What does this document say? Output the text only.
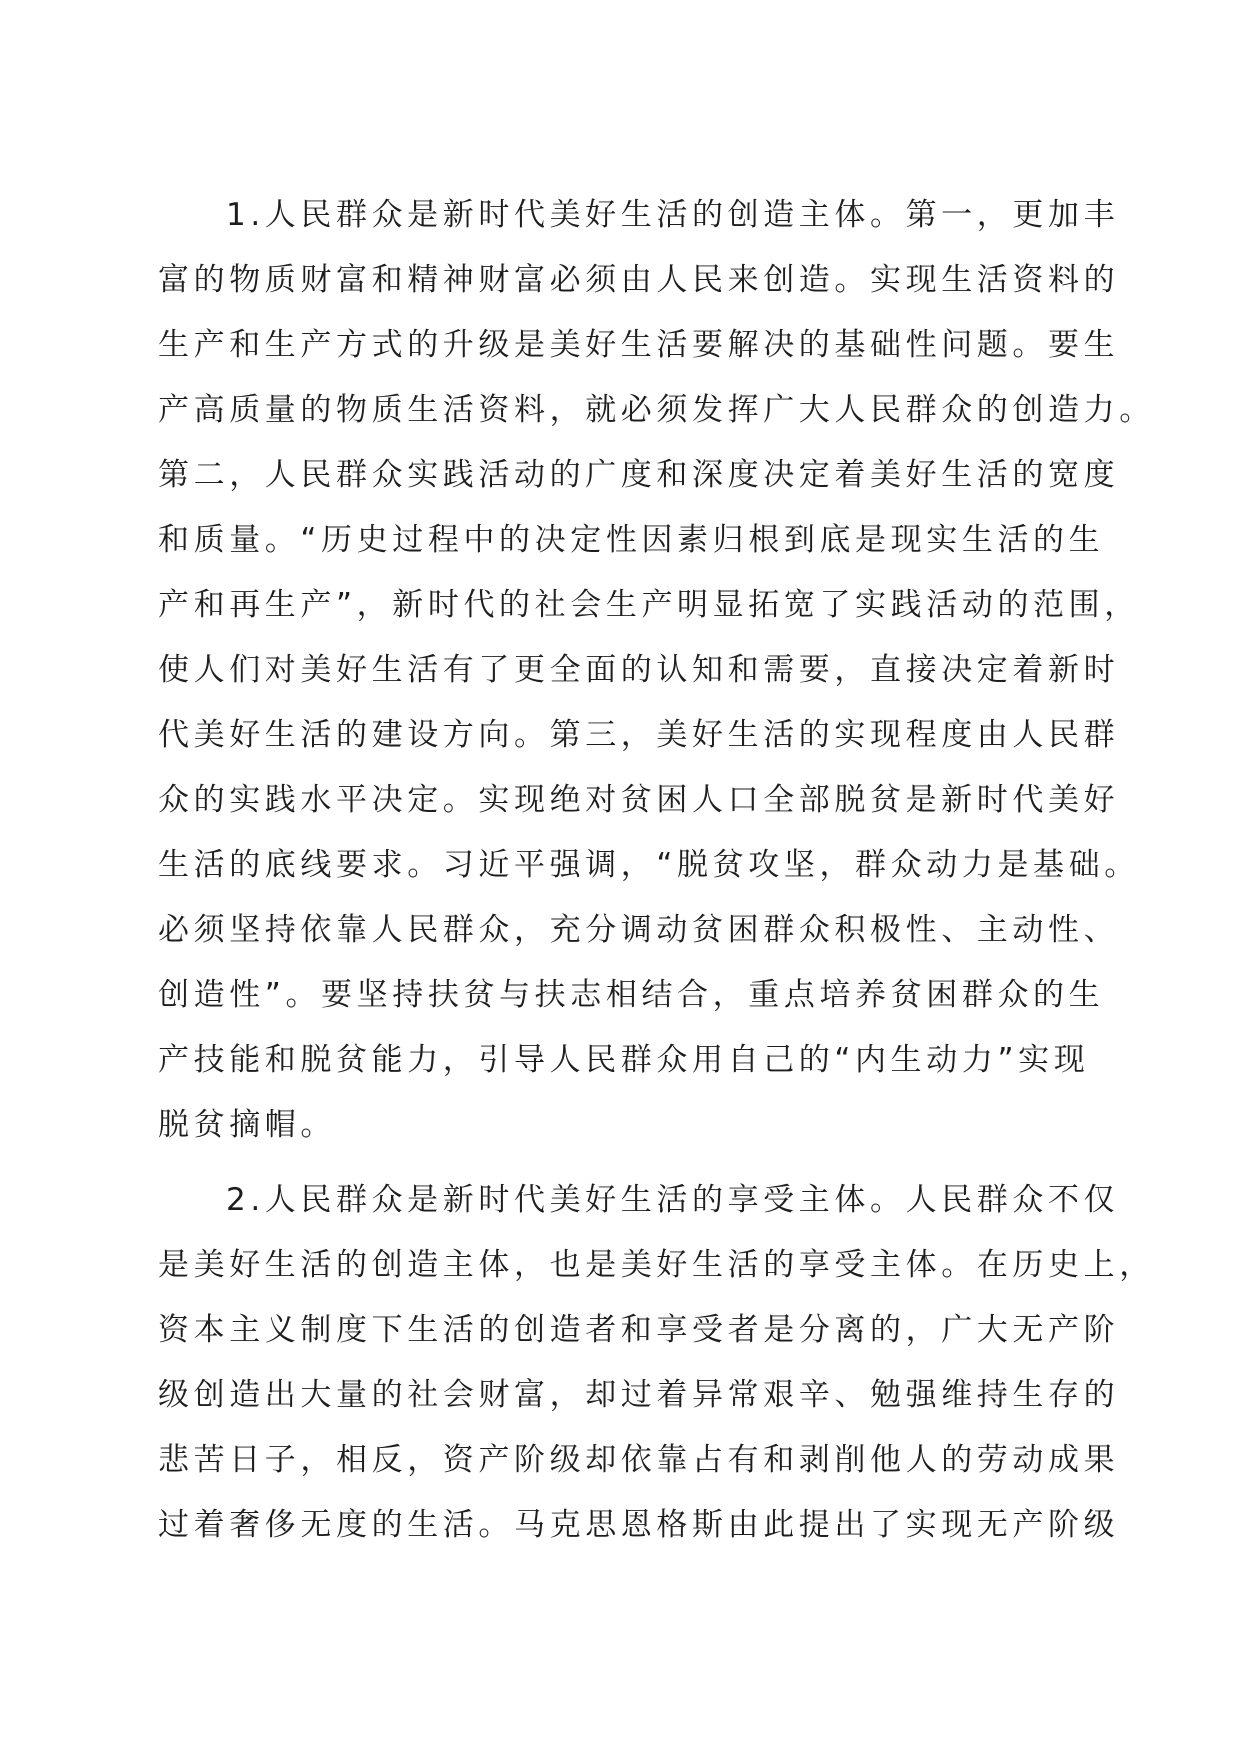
1.人民群众是新时代美好生活的创造主体。第一，更加丰
富的物质财富和精神财富必须由人民来创造。实现生活资料的
生产和生产方式的升级是美好生活要解决的基础性问题。要生
产高质量的物质生活资料，就必须发挥广大人民群众的创造力。
第二，人民群众实践活动的广度和深度决定着美好生活的宽度
和质量。“历史过程中的决定性因素归根到底是现实生活的生
产和再生产”，新时代的社会生产明显拓宽了实践活动的范围，
使人们对美好生活有了更全面的认知和需要，直接决定着新时
代美好生活的建设方向。第三，美好生活的实现程度由人民群
众的实践水平决定。实现绝对贫困人口全部脱贫是新时代美好
生活的底线要求。习近平强调，“脱贫攻坚，群众动力是基础。
必须坚持依靠人民群众，充分调动贫困群众积极性、主动性、
创造性”。要坚持扶贫与扶志相结合，重点培养贫困群众的生
产技能和脱贫能力，引导人民群众用自己的“内生动力”实现
脱贫摘帽。
2.人民群众是新时代美好生活的享受主体。人民群众不仅
是美好生活的创造主体，也是美好生活的享受主体。在历史上，
资本主义制度下生活的创造者和享受者是分离的，广大无产阶
级创造出大量的社会财富，却过着异常艰辛、勉强维持生存的
悲苦日子，相反，资产阶级却依靠占有和剥削他人的劳动成果
过着奢侈无度的生活。马克思恩格斯由此提出了实现无产阶级
